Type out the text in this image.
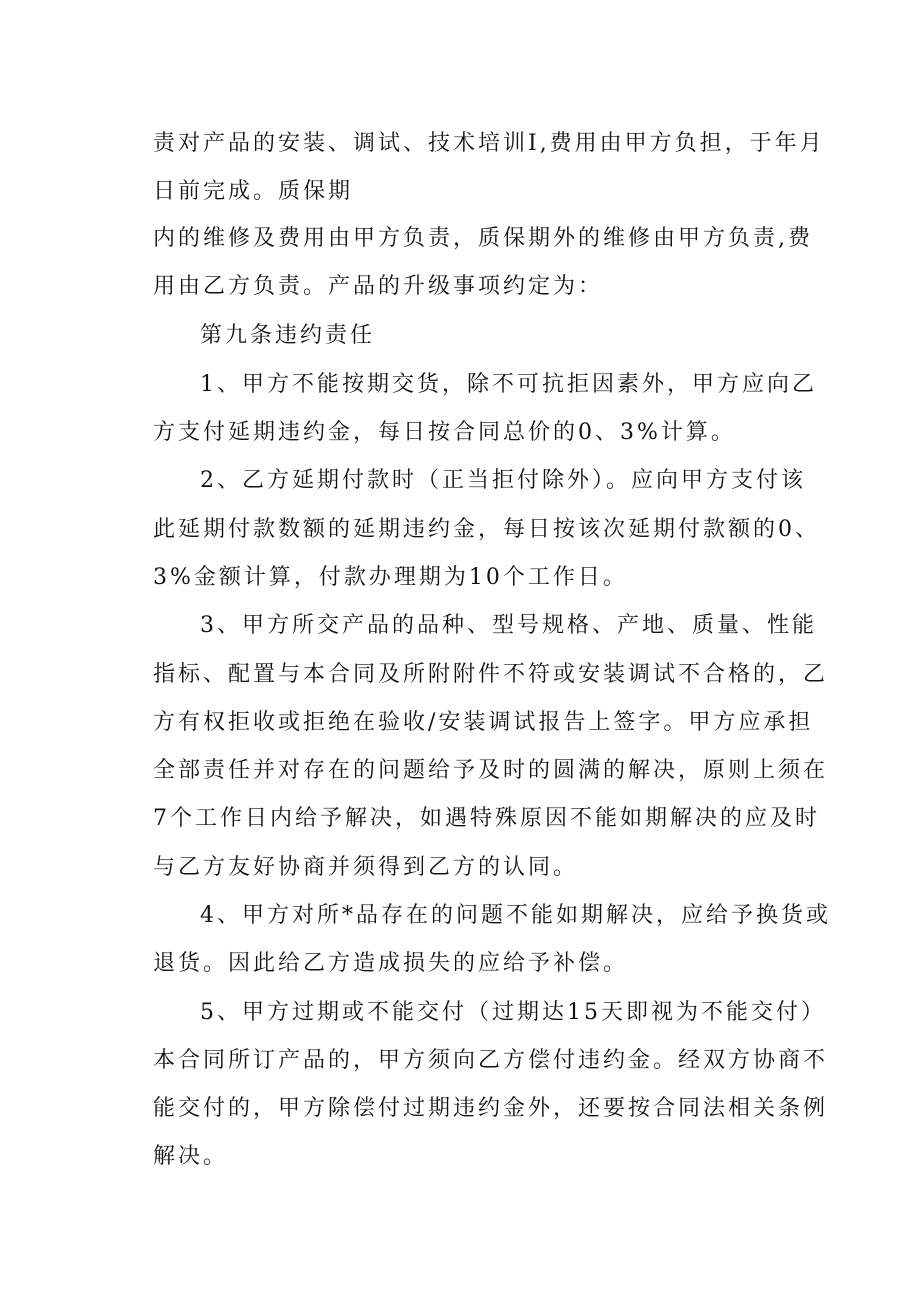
责对产品的安装、调试、技术培训I,费用由甲方负担，于年月
日前完成。质保期
内的维修及费用由甲方负责，质保期外的维修由甲方负责,费
用由乙方负责。产品的升级事项约定为：
第九条违约责任
1、甲方不能按期交货，除不可抗拒因素外，甲方应向乙
方支付延期违约金，每日按合同总价的0、3%计算。
2、乙方延期付款时（正当拒付除外）。应向甲方支付该
此延期付款数额的延期违约金，每日按该次延期付款额的0、
3%金额计算，付款办理期为10个工作日。
3、甲方所交产品的品种、型号规格、产地、质量、性能
指标、配置与本合同及所附附件不符或安装调试不合格的，乙
方有权拒收或拒绝在验收/安装调试报告上签字。甲方应承担
全部责任并对存在的问题给予及时的圆满的解决，原则上须在
7个工作日内给予解决，如遇特殊原因不能如期解决的应及时
与乙方友好协商并须得到乙方的认同。
4、甲方对所*品存在的问题不能如期解决，应给予换货或
退货。因此给乙方造成损失的应给予补偿。
5、甲方过期或不能交付（过期达15天即视为不能交付）
本合同所订产品的，甲方须向乙方偿付违约金。经双方协商不
能交付的，甲方除偿付过期违约金外，还要按合同法相关条例
解决。
